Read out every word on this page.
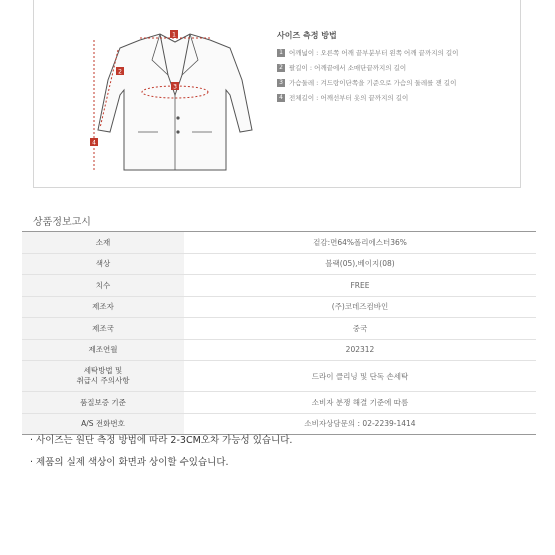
1
2
3
4
사이즈 측정 방법
1 어깨넓이 : 오른쪽 어깨 끝부분부터 왼쪽 어깨 끝까지의 길이
2 팔길이 : 어깨끝에서 소매단끝까지의 길이
3 가슴둘레 : 겨드랑이단쪽을 기준으로 가슴의 둘레를 잰 길이
4 전체길이 : 어깨선부터 옷의 끝까지의 길이
상품정보고시
소재	겉감:면64%폴리에스터36%
색상	블랙(05),베이지(08)
치수	FREE
제조자	(주)코데즈컴바인
제조국	중국
제조연월	202312
세탁방법 및
취급시 주의사항	드라이 클리닝 및 단독 손세탁
품질보증 기준	소비자 분쟁 해결 기준에 따름
A/S 전화번호	소비자상담문의 : 02-2239-1414
· 사이즈는 원단 측정 방법에 따라 2-3CM오차 가능성 있습니다.
· 제품의 실제 색상이 화면과 상이할 수있습니다.
